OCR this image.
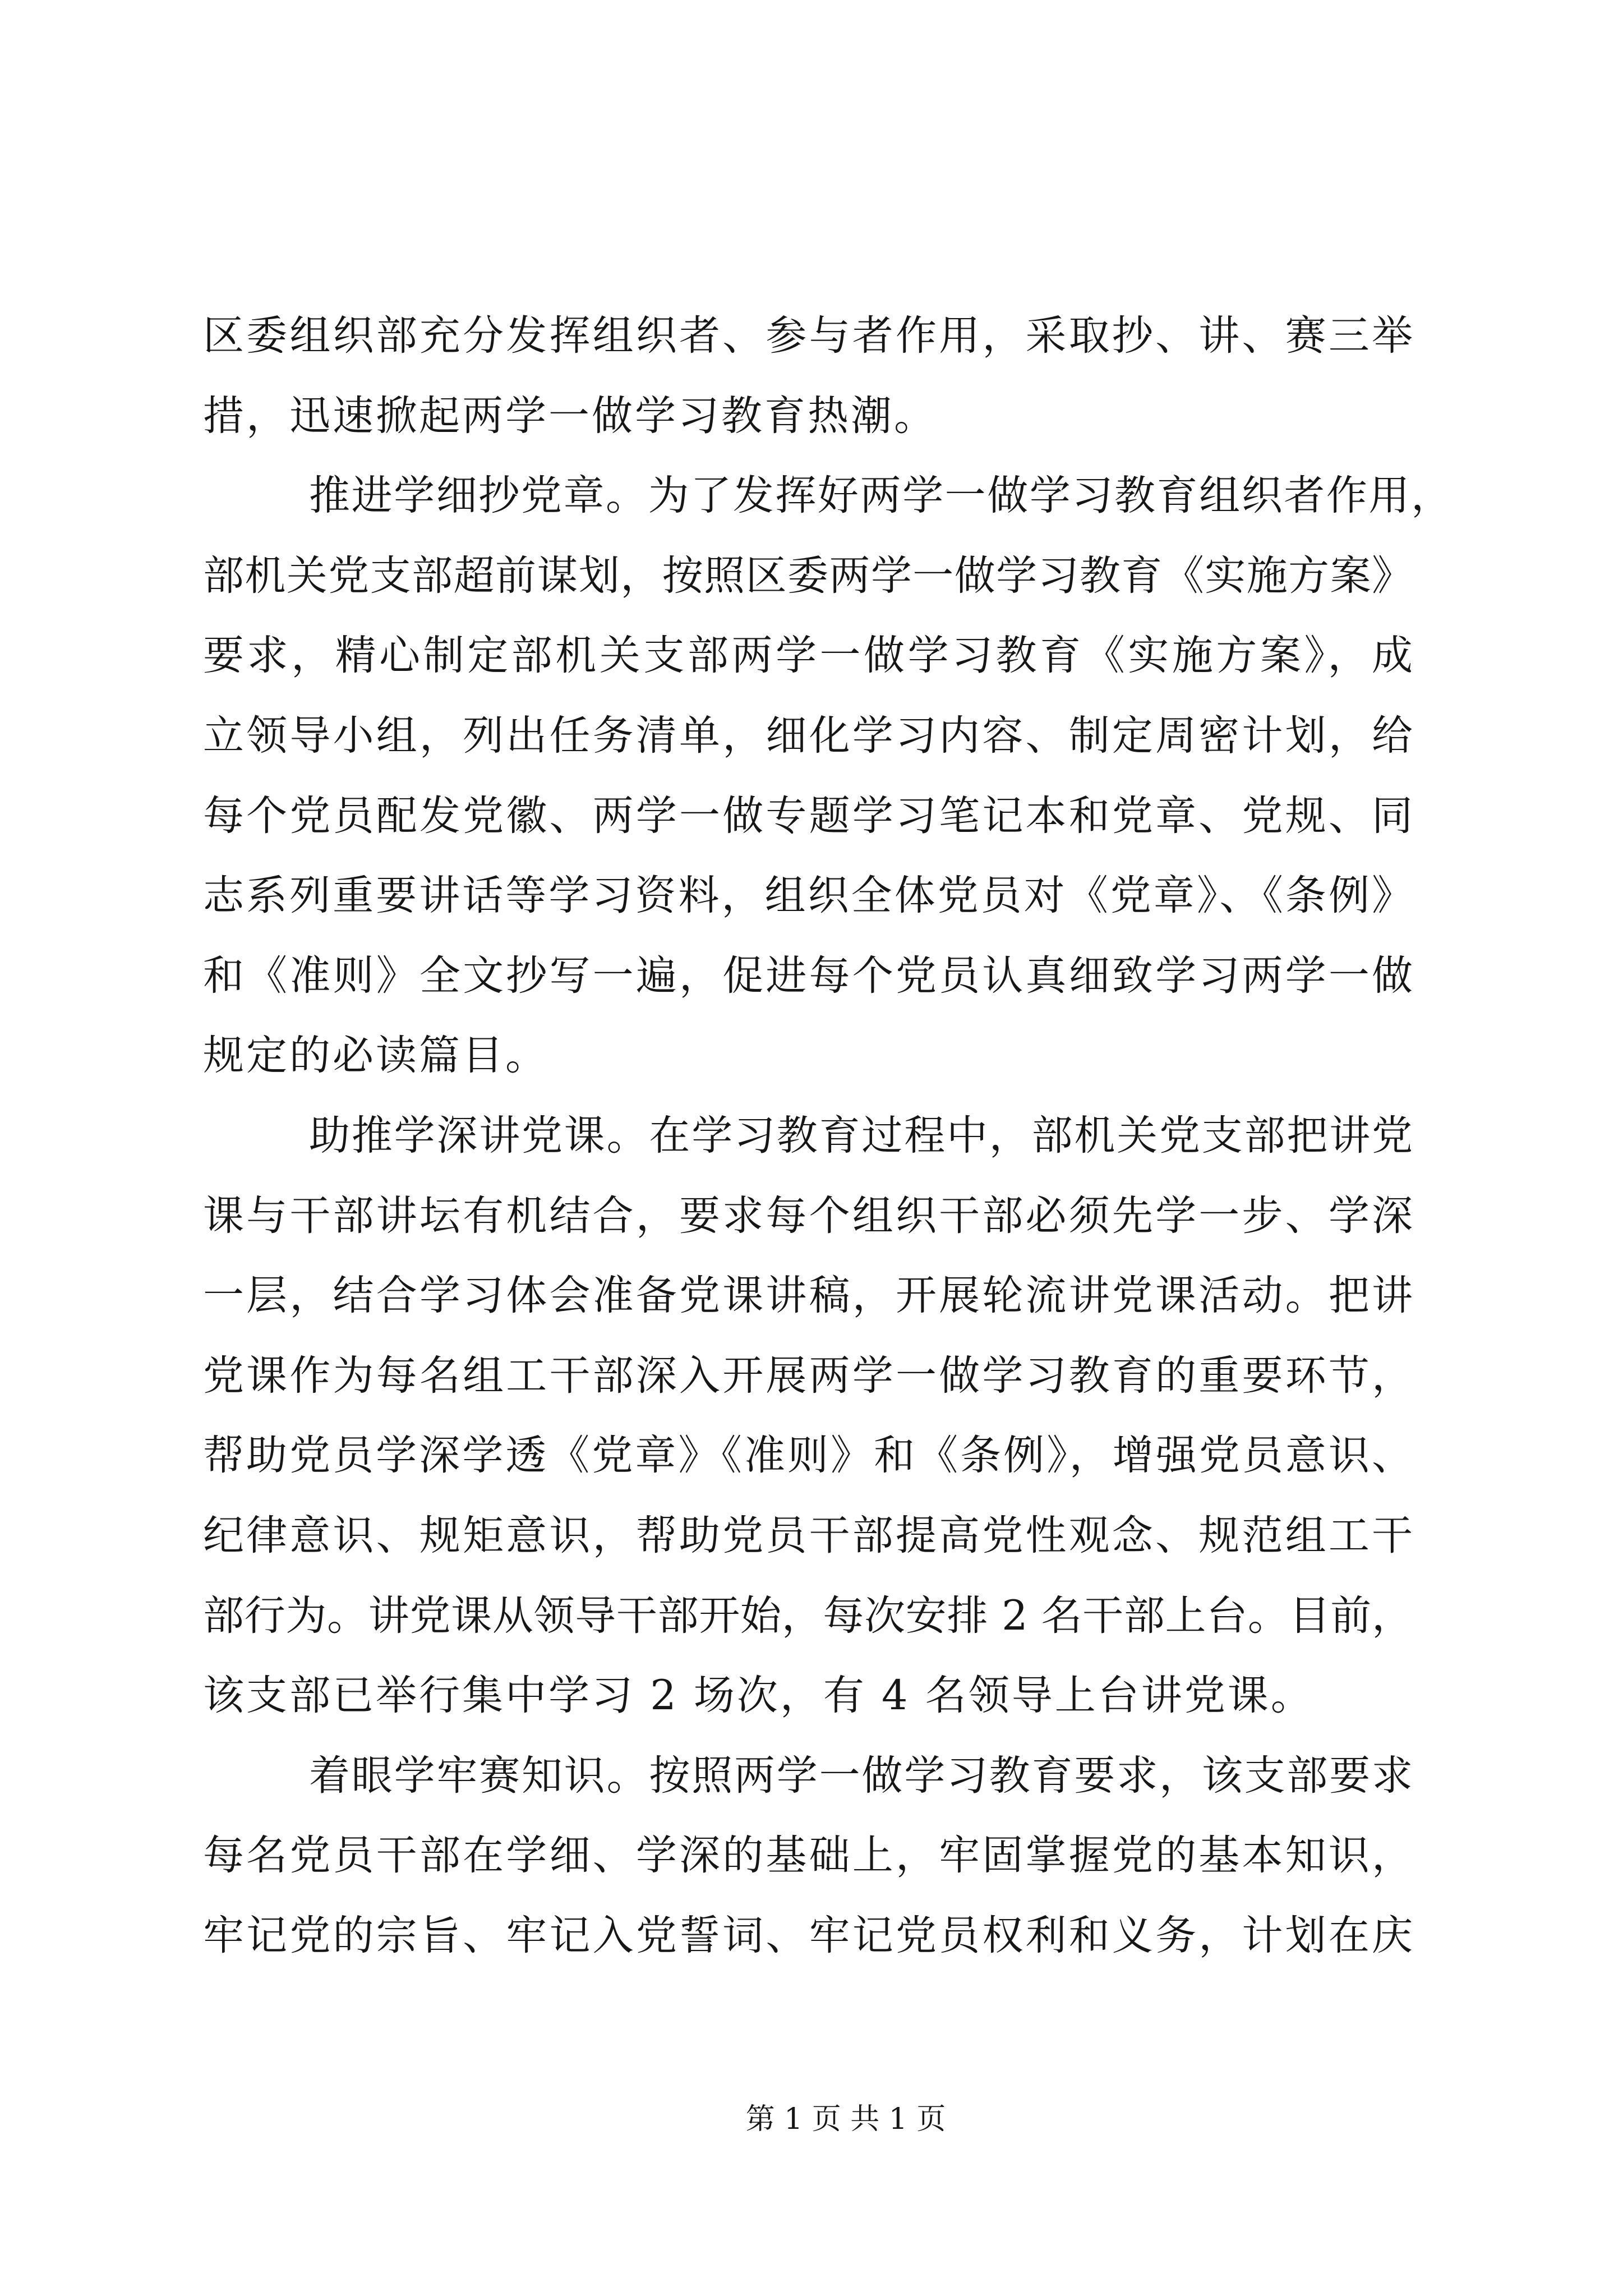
区委组织部充分发挥组织者、参与者作用，采取抄、讲、赛三举
措，迅速掀起两学一做学习教育热潮。
推进学细抄党章。为了发挥好两学一做学习教育组织者作用，
部机关党支部超前谋划，按照区委两学一做学习教育《实施方案》
要求，精心制定部机关支部两学一做学习教育《实施方案》，成
立领导小组，列出任务清单，细化学习内容、制定周密计划，给
每个党员配发党徽、两学一做专题学习笔记本和党章、党规、同
志系列重要讲话等学习资料，组织全体党员对《党章》、《条例》
和《准则》全文抄写一遍，促进每个党员认真细致学习两学一做
规定的必读篇目。
助推学深讲党课。在学习教育过程中，部机关党支部把讲党
课与干部讲坛有机结合，要求每个组织干部必须先学一步、学深
一层，结合学习体会准备党课讲稿，开展轮流讲党课活动。把讲
党课作为每名组工干部深入开展两学一做学习教育的重要环节，
帮助党员学深学透《党章》《准则》和《条例》，增强党员意识、
纪律意识、规矩意识，帮助党员干部提高党性观念、规范组工干
部行为。讲党课从领导干部开始，每次安排 2 名干部上台。目前，
该支部已举行集中学习 2 场次，有 4 名领导上台讲党课。
着眼学牢赛知识。按照两学一做学习教育要求，该支部要求
每名党员干部在学细、学深的基础上，牢固掌握党的基本知识，
牢记党的宗旨、牢记入党誓词、牢记党员权利和义务，计划在庆
第 1 页 共 1 页
